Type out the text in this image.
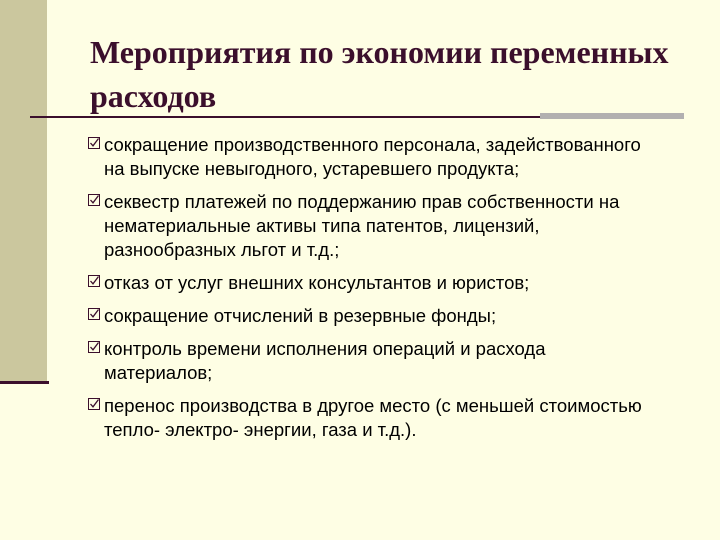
Мероприятия по экономии переменных расходов
сокращение производственного персонала, задействованного на выпуске невыгодного, устаревшего продукта;
секвестр платежей по поддержанию прав собственности на нематериальные активы типа патентов, лицензий, разнообразных льгот и т.д.;
отказ от услуг внешних консультантов и юристов;
сокращение отчислений в резервные фонды;
контроль времени исполнения операций и расхода материалов;
перенос производства в другое место (с меньшей стоимостью тепло- электро- энергии, газа и т.д.).
